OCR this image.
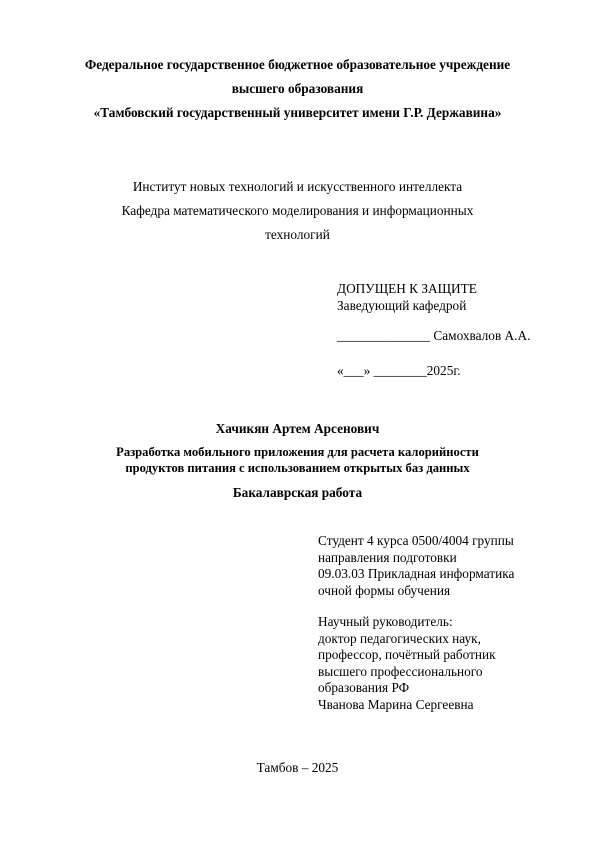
Федеральное государственное бюджетное образовательное учреждение
высшего образования
«Тамбовский государственный университет имени Г.Р. Державина»
Институт новых технологий и искусственного интеллекта
Кафедра математического моделирования и информационных
технологий
ДОПУЩЕН К ЗАЩИТЕ
Заведующий кафедрой
______________ Самохвалов А.А.
«___» ________2025г.
Хачикян Артем Арсенович
Разработка мобильного приложения для расчета калорийности
продуктов питания с использованием открытых баз данных
Бакалаврская работа
Студент 4 курса 0500/4004 группы
направления подготовки
09.03.03 Прикладная информатика
очной формы обучения
Научный руководитель:
доктор педагогических наук,
профессор, почётный работник
высшего профессионального
образования РФ
Чванова Марина Сергеевна
Тамбов – 2025
